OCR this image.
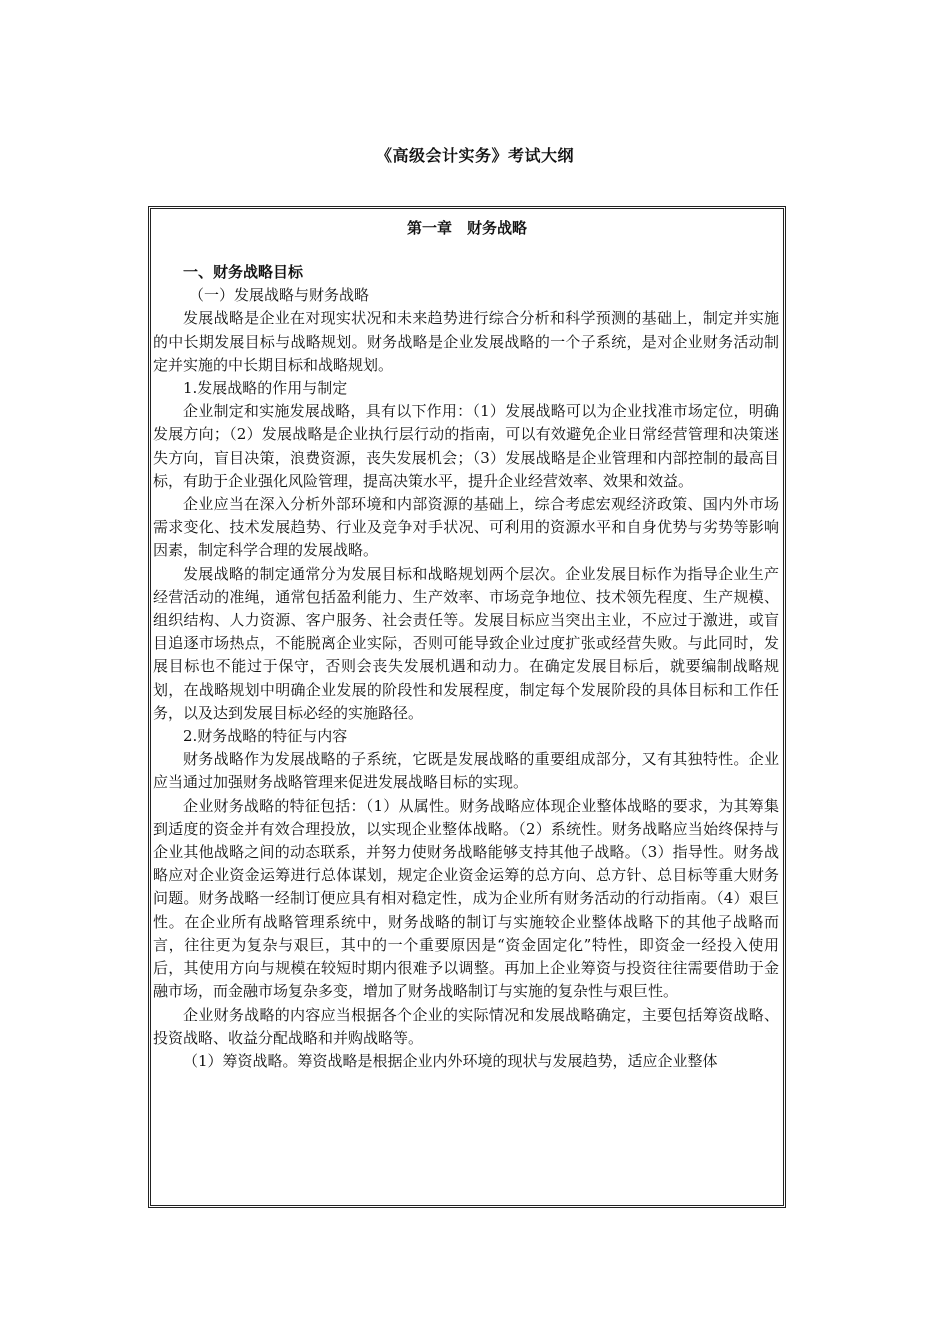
《高级会计实务》考试大纲
第一章　财务战略

一、财务战略目标

（一）发展战略与财务战略

发展战略是企业在对现实状况和未来趋势进行综合分析和科学预测的基础上，制定并实施的中长期发展目标与战略规划。财务战略是企业发展战略的一个子系统，是对企业财务活动制定并实施的中长期目标和战略规划。

1.发展战略的作用与制定

企业制定和实施发展战略，具有以下作用：（1）发展战略可以为企业找准市场定位，明确发展方向；（2）发展战略是企业执行层行动的指南，可以有效避免企业日常经营管理和决策迷失方向，盲目决策，浪费资源，丧失发展机会；（3）发展战略是企业管理和内部控制的最高目标，有助于企业强化风险管理，提高决策水平，提升企业经营效率、效果和效益。

企业应当在深入分析外部环境和内部资源的基础上，综合考虑宏观经济政策、国内外市场需求变化、技术发展趋势、行业及竞争对手状况、可利用的资源水平和自身优势与劣势等影响因素，制定科学合理的发展战略。

发展战略的制定通常分为发展目标和战略规划两个层次。企业发展目标作为指导企业生产经营活动的准绳，通常包括盈利能力、生产效率、市场竞争地位、技术领先程度、生产规模、组织结构、人力资源、客户服务、社会责任等。发展目标应当突出主业，不应过于激进，或盲目追逐市场热点，不能脱离企业实际，否则可能导致企业过度扩张或经营失败。与此同时，发展目标也不能过于保守，否则会丧失发展机遇和动力。在确定发展目标后，就要编制战略规划，在战略规划中明确企业发展的阶段性和发展程度，制定每个发展阶段的具体目标和工作任务，以及达到发展目标必经的实施路径。

2.财务战略的特征与内容

财务战略作为发展战略的子系统，它既是发展战略的重要组成部分，又有其独特性。企业应当通过加强财务战略管理来促进发展战略目标的实现。

企业财务战略的特征包括：（1）从属性。财务战略应体现企业整体战略的要求，为其筹集到适度的资金并有效合理投放，以实现企业整体战略。（2）系统性。财务战略应当始终保持与企业其他战略之间的动态联系，并努力使财务战略能够支持其他子战略。（3）指导性。财务战略应对企业资金运筹进行总体谋划，规定企业资金运筹的总方向、总方针、总目标等重大财务问题。财务战略一经制订便应具有相对稳定性，成为企业所有财务活动的行动指南。（4）艰巨性。在企业所有战略管理系统中，财务战略的制订与实施较企业整体战略下的其他子战略而言，往往更为复杂与艰巨，其中的一个重要原因是“资金固定化”特性，即资金一经投入使用后，其使用方向与规模在较短时期内很难予以调整。再加上企业筹资与投资往往需要借助于金融市场，而金融市场复杂多变，增加了财务战略制订与实施的复杂性与艰巨性。

企业财务战略的内容应当根据各个企业的实际情况和发展战略确定，主要包括筹资战略、投资战略、收益分配战略和并购战略等。

（1）筹资战略。筹资战略是根据企业内外环境的现状与发展趋势，适应企业整体
